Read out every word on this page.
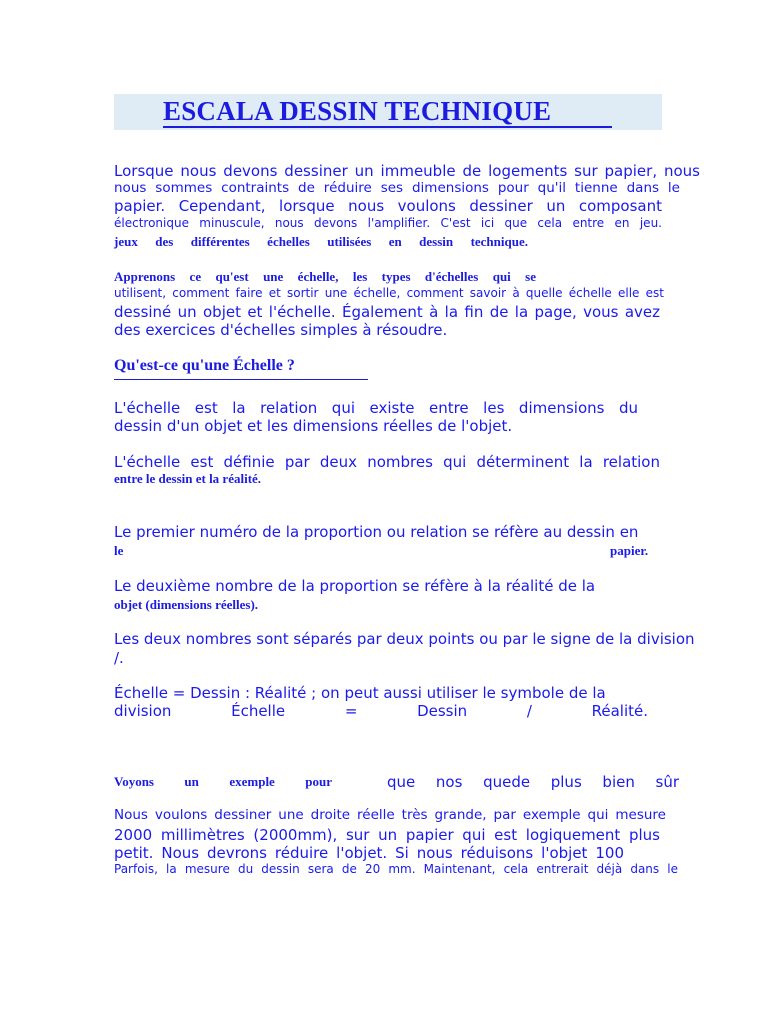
ESCALA DESSIN TECHNIQUE
Lorsque nous devons dessiner un immeuble de logements sur papier, nous
nous sommes contraints de réduire ses dimensions pour qu'il tienne dans le
papier. Cependant, lorsque nous voulons dessiner un composant
électronique minuscule, nous devons l'amplifier. C'est ici que cela entre en jeu.
jeux des différentes échelles utilisées en dessin technique.
Apprenons ce qu'est une échelle, les types d'échelles qui se
utilisent, comment faire et sortir une échelle, comment savoir à quelle échelle elle est
dessiné un objet et l'échelle. Également à la fin de la page, vous avez
des exercices d'échelles simples à résoudre.
Qu'est-ce qu'une Échelle ?
L'échelle est la relation qui existe entre les dimensions du
dessin d'un objet et les dimensions réelles de l'objet.
L'échelle est définie par deux nombres qui déterminent la relation
entre le dessin et la réalité.
Le premier numéro de la proportion ou relation se réfère au dessin en
le	papier.
Le deuxième nombre de la proportion se réfère à la réalité de la
objet (dimensions réelles).
Les deux nombres sont séparés par deux points ou par le signe de la division
/.
Échelle = Dessin : Réalité ; on peut aussi utiliser le symbole de la
division Échelle = Dessin / Réalité.
Voyons un exemple pour	que nos quede plus bien sûr
Nous voulons dessiner une droite réelle très grande, par exemple qui mesure
2000 millimètres (2000mm), sur un papier qui est logiquement plus
petit. Nous devrons réduire l'objet. Si nous réduisons l'objet 100
Parfois, la mesure du dessin sera de 20 mm. Maintenant, cela entrerait déjà dans le
